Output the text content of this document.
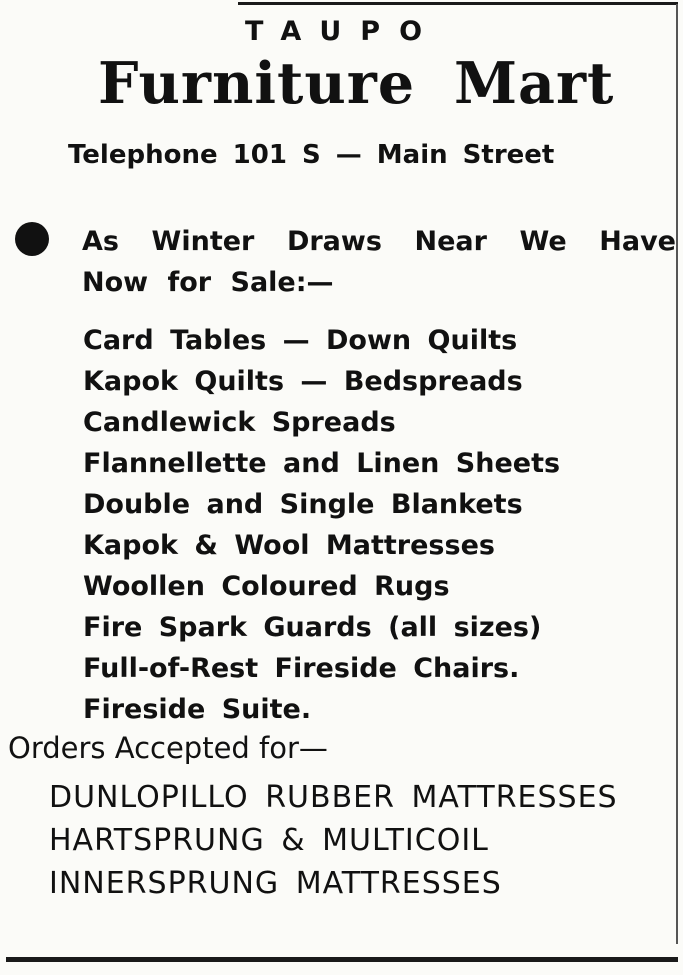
TAUPO
Furniture Mart
Telephone 101 S — Main Street
As Winter Draws Near We Have
Now for Sale:—
Card Tables — Down Quilts
Kapok Quilts — Bedspreads
Candlewick Spreads
Flannellette and Linen Sheets
Double and Single Blankets
Kapok & Wool Mattresses
Woollen Coloured Rugs
Fire Spark Guards (all sizes)
Full-of-Rest Fireside Chairs.
Fireside Suite.
Orders Accepted for—
DUNLOPILLO RUBBER MATTRESSES
HARTSPRUNG & MULTICOIL
INNERSPRUNG MATTRESSES
